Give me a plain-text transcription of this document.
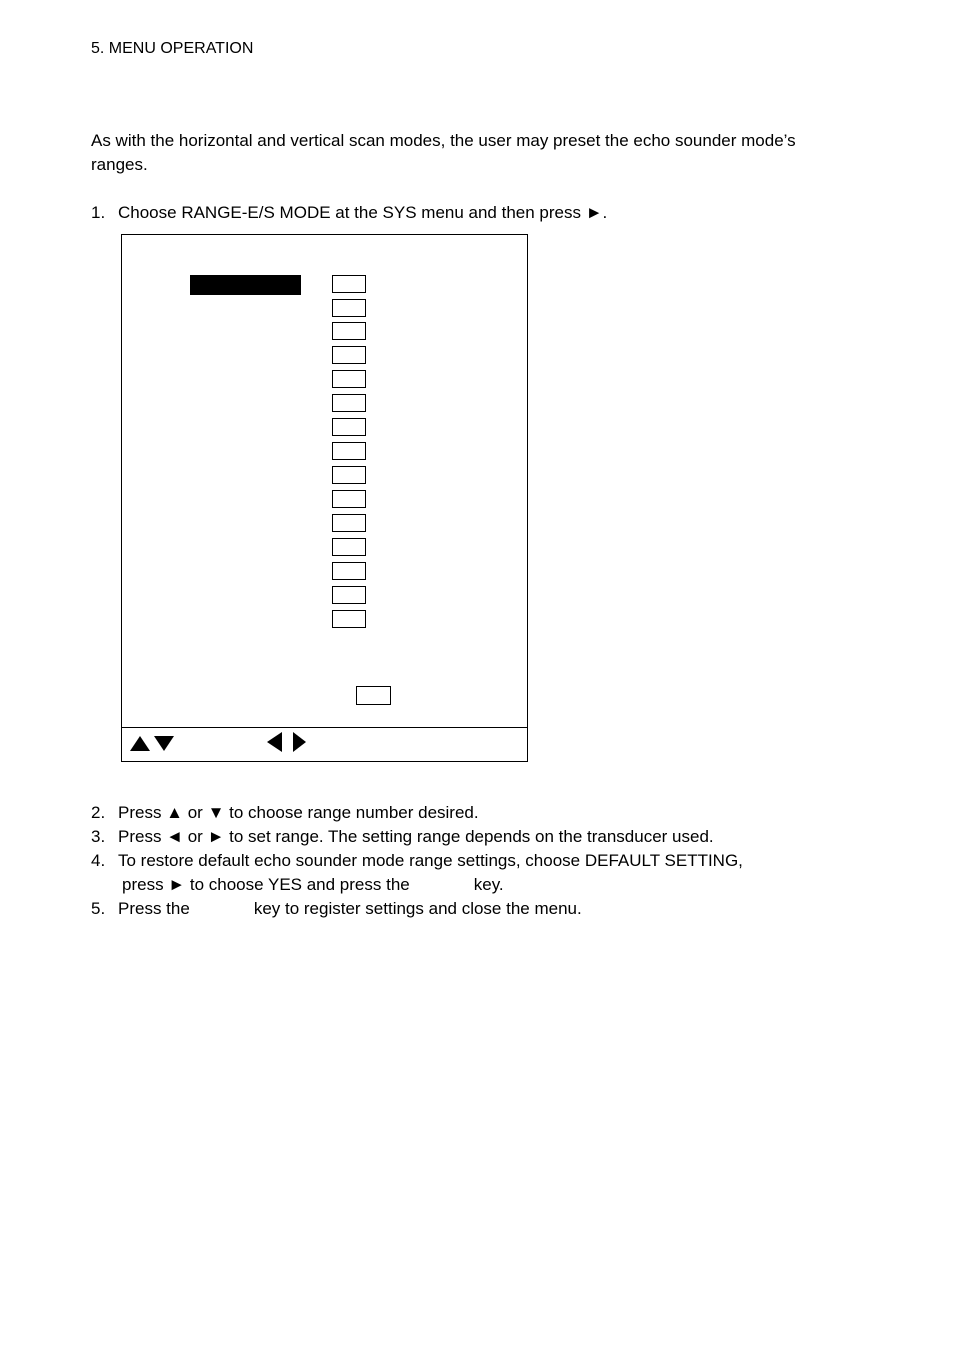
5. MENU OPERATION
As with the horizontal and vertical scan modes, the user may preset the echo sounder mode’s ranges.
1. Choose RANGE-E/S MODE at the SYS menu and then press ►.
2. Press ▲ or ▼ to choose range number desired.
3. Press ◄ or ► to set range. The setting range depends on the transducer used.
4. To restore default echo sounder mode range settings, choose DEFAULT SETTING,
press ► to choose YES and press the	key.
5. Press the	key to register settings and close the menu.
